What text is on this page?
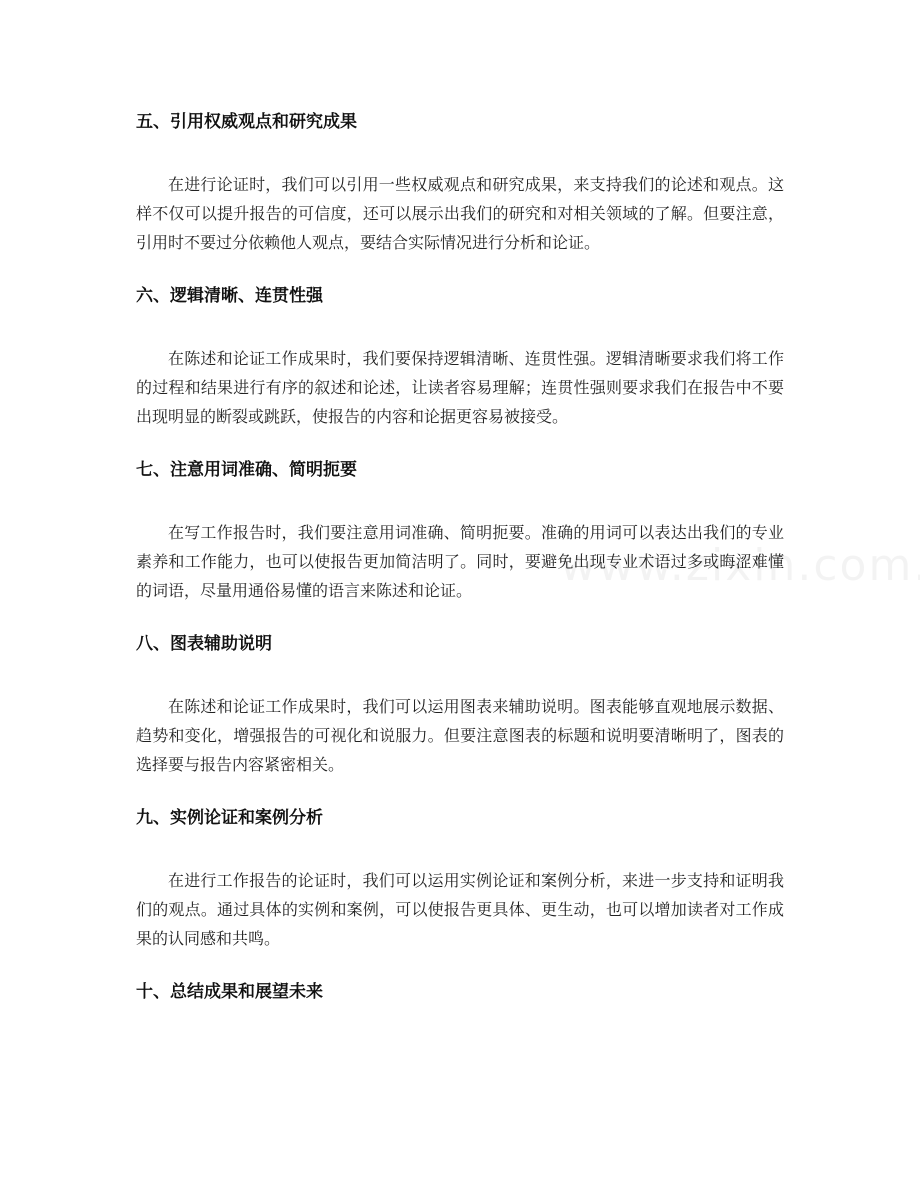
五、引用权威观点和研究成果

在进行论证时，我们可以引用一些权威观点和研究成果，来支持我们的论述和观点。这样不仅可以提升报告的可信度，还可以展示出我们的研究和对相关领域的了解。但要注意，引用时不要过分依赖他人观点，要结合实际情况进行分析和论证。

六、逻辑清晰、连贯性强

在陈述和论证工作成果时，我们要保持逻辑清晰、连贯性强。逻辑清晰要求我们将工作的过程和结果进行有序的叙述和论述，让读者容易理解；连贯性强则要求我们在报告中不要出现明显的断裂或跳跃，使报告的内容和论据更容易被接受。

七、注意用词准确、简明扼要

在写工作报告时，我们要注意用词准确、简明扼要。准确的用词可以表达出我们的专业素养和工作能力，也可以使报告更加简洁明了。同时，要避免出现专业术语过多或晦涩难懂的词语，尽量用通俗易懂的语言来陈述和论证。

八、图表辅助说明

在陈述和论证工作成果时，我们可以运用图表来辅助说明。图表能够直观地展示数据、趋势和变化，增强报告的可视化和说服力。但要注意图表的标题和说明要清晰明了，图表的选择要与报告内容紧密相关。

九、实例论证和案例分析

在进行工作报告的论证时，我们可以运用实例论证和案例分析，来进一步支持和证明我们的观点。通过具体的实例和案例，可以使报告更具体、更生动，也可以增加读者对工作成果的认同感和共鸣。

十、总结成果和展望未来
